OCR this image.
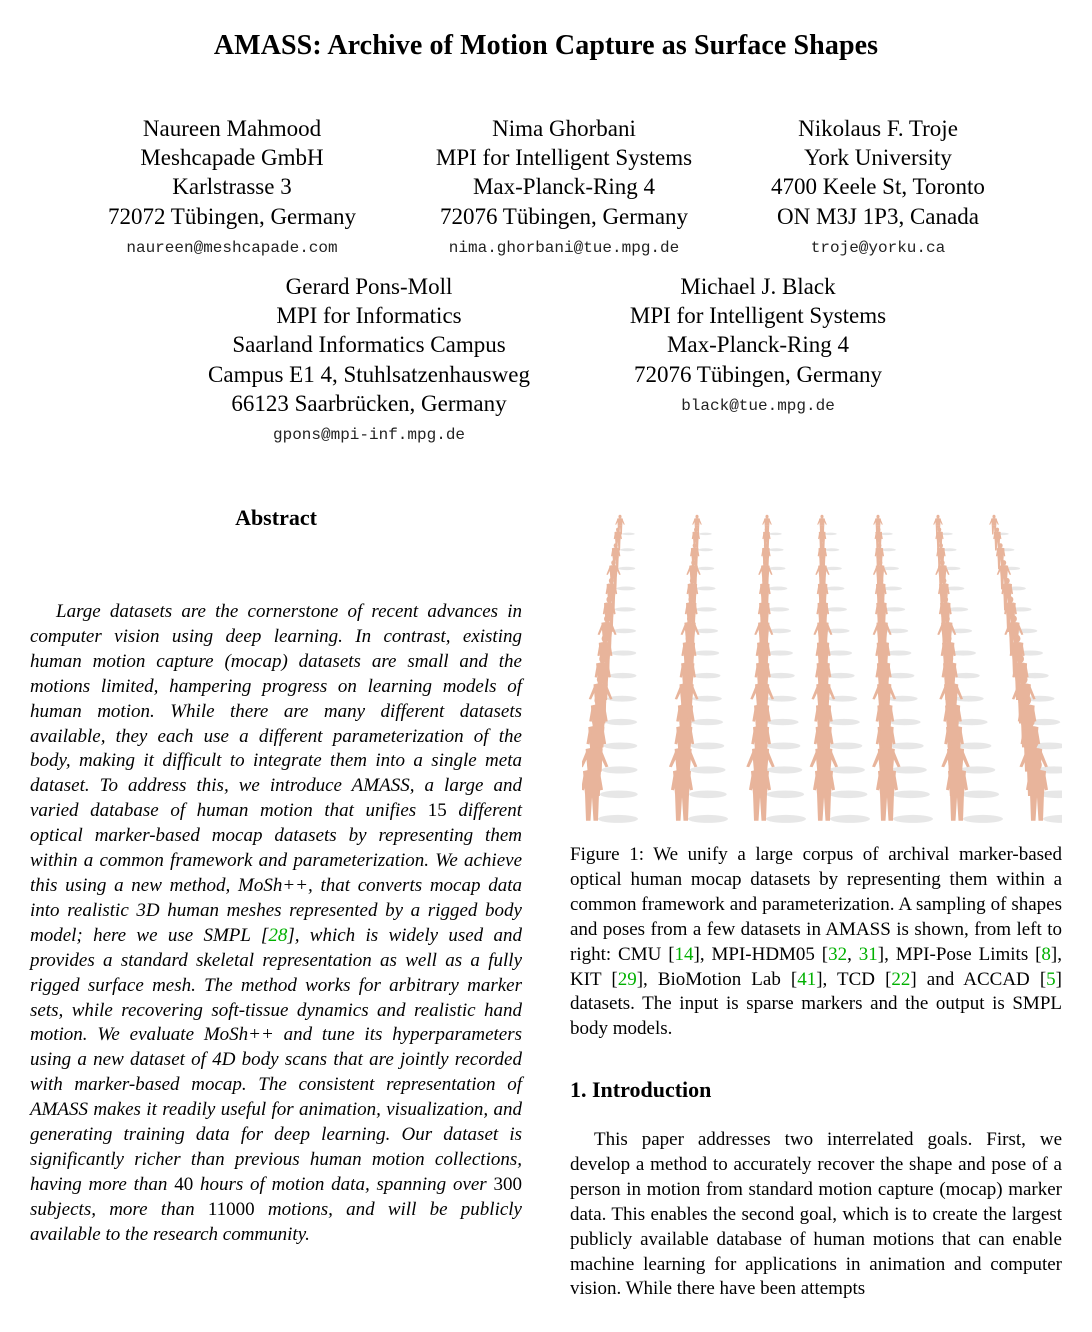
AMASS: Archive of Motion Capture as Surface Shapes
Naureen Mahmood
Meshcapade GmbH
Karlstrasse 3
72072 Tübingen, Germany
naureen@meshcapade.com
Nima Ghorbani
MPI for Intelligent Systems
Max-Planck-Ring 4
72076 Tübingen, Germany
nima.ghorbani@tue.mpg.de
Nikolaus F. Troje
York University
4700 Keele St, Toronto
ON M3J 1P3, Canada
troje@yorku.ca
Gerard Pons-Moll
MPI for Informatics
Saarland Informatics Campus
Campus E1 4, Stuhlsatzenhausweg
66123 Saarbrücken, Germany
gpons@mpi-inf.mpg.de
Michael J. Black
MPI for Intelligent Systems
Max-Planck-Ring 4
72076 Tübingen, Germany
black@tue.mpg.de
Abstract
Large datasets are the cornerstone of recent advances in computer vision using deep learning. In contrast, existing human motion capture (mocap) datasets are small and the motions limited, hampering progress on learning models of human motion. While there are many different datasets available, they each use a different parameterization of the body, making it difficult to integrate them into a single meta dataset. To address this, we introduce AMASS, a large and varied database of human motion that unifies 15 different optical marker-based mocap datasets by representing them within a common framework and parameterization. We achieve this using a new method, MoSh++, that converts mocap data into realistic 3D human meshes represented by a rigged body model; here we use SMPL [28], which is widely used and provides a standard skeletal representation as well as a fully rigged surface mesh. The method works for arbitrary marker sets, while recovering soft-tissue dynamics and realistic hand motion. We evaluate MoSh++ and tune its hyperparameters using a new dataset of 4D body scans that are jointly recorded with marker-based mocap. The consistent representation of AMASS makes it readily useful for animation, visualization, and generating training data for deep learning. Our dataset is significantly richer than previous human motion collections, having more than 40 hours of motion data, spanning over 300 subjects, more than 11000 motions, and will be publicly available to the research community.
Figure 1: We unify a large corpus of archival marker-based optical human mocap datasets by representing them within a common framework and parameterization. A sampling of shapes and poses from a few datasets in AMASS is shown, from left to right: CMU [14], MPI-HDM05 [32, 31], MPI-Pose Limits [8], KIT [29], BioMotion Lab [41], TCD [22] and ACCAD [5] datasets. The input is sparse markers and the output is SMPL body models.
1. Introduction
This paper addresses two interrelated goals. First, we develop a method to accurately recover the shape and pose of a person in motion from standard motion capture (mocap) marker data. This enables the second goal, which is to create the largest publicly available database of human motions that can enable machine learning for applications in animation and computer vision. While there have been attempts
